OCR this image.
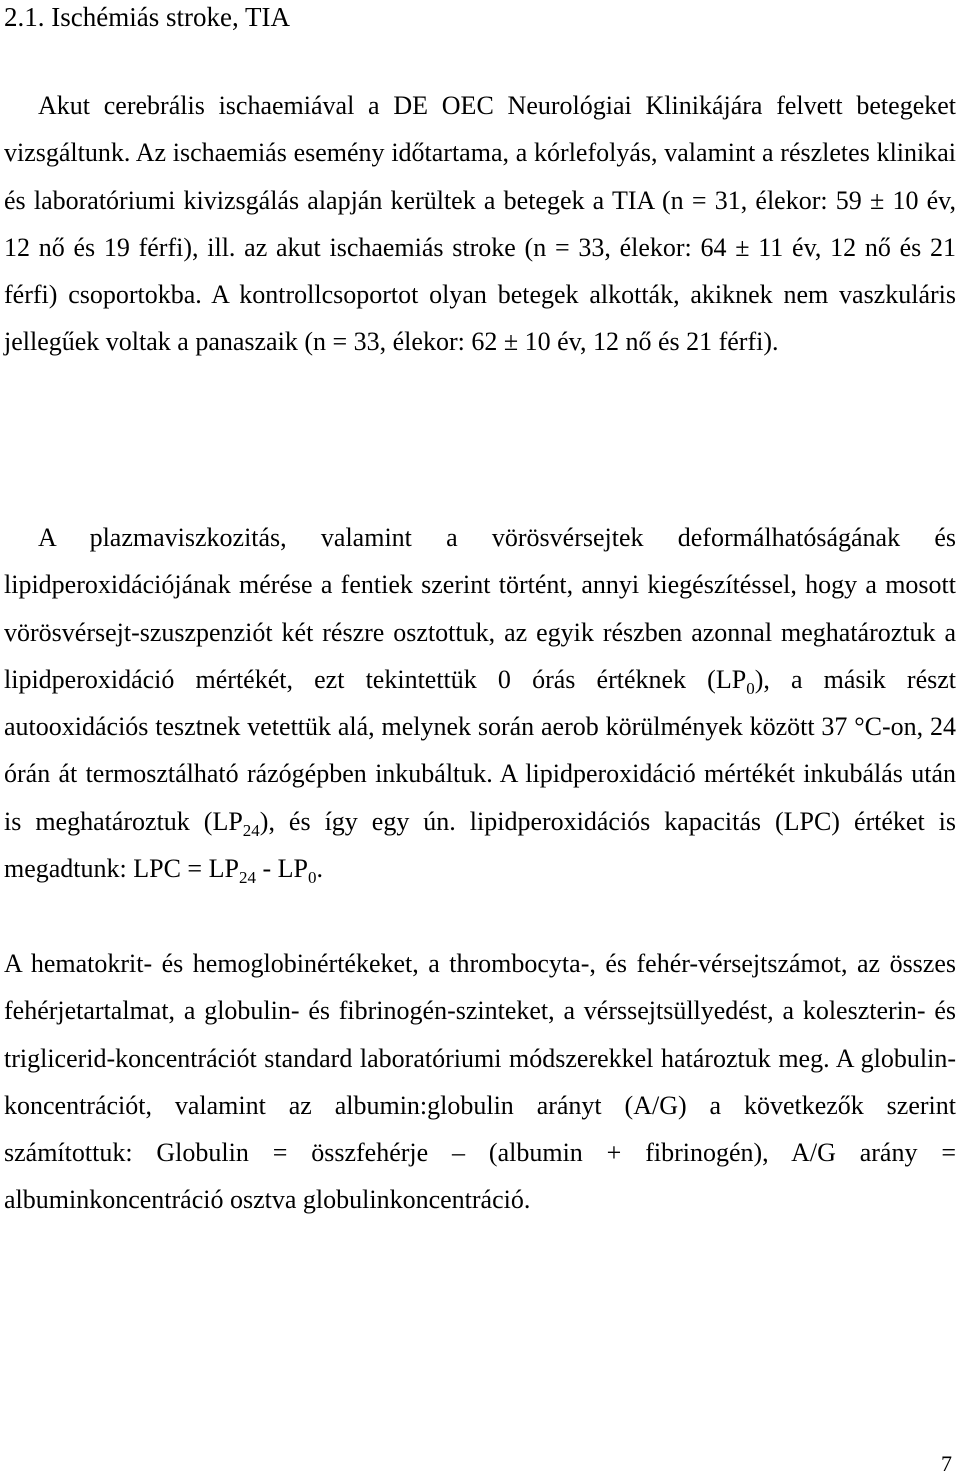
2.1. Ischémiás stroke, TIA
Akut cerebrális ischaemiával a DE OEC Neurológiai Klinikájára felvett betegeket vizsgáltunk. Az ischaemiás esemény időtartama, a kórlefolyás, valamint a részletes klinikai és laboratóriumi kivizsgálás alapján kerültek a betegek a TIA (n = 31, élekor: 59 ± 10 év, 12 nő és 19 férfi), ill. az akut ischaemiás stroke (n = 33, élekor: 64 ± 11 év, 12 nő és 21 férfi) csoportokba. A kontrollcsoportot olyan betegek alkották, akiknek nem vaszkuláris jellegűek voltak a panaszaik (n = 33, élekor: 62 ± 10 év, 12 nő és 21 férfi).
A plazmaviszkozitás, valamint a vörösvérsejtek deformálhatóságának és lipidperoxidációjának mérése a fentiek szerint történt, annyi kiegészítéssel, hogy a mosott vörösvérsejt-szuszpenziót két részre osztottuk, az egyik részben azonnal meghatároztuk a lipidperoxidáció mértékét, ezt tekintettük 0 órás értéknek $(LP_0)$, a másik részt autooxidációs tesztnek vetettük alá, melynek során aerob körülmények között 37 °C-on, 24 órán át termosztálható rázógépben inkubáltuk. A lipidperoxidáció mértékét inkubálás után is meghatároztuk $(LP_{24})$, és így egy ún. lipidperoxidációs kapacitás (LPC) értéket is megadtunk: LPC = $LP_{24} - LP_0$.
A hematokrit- és hemoglobinértékeket, a thrombocyta-, és fehér-vérsejtszámot, az összes fehérjetartalmat, a globulin- és fibrinogén-szinteket, a vérssejtsüllyedést, a koleszterin- és triglicerid-koncentrációt standard laboratóriumi módszerekkel határoztuk meg. A globulin-koncentrációt, valamint az albumin:globulin arányt (A/G) a következők szerint számítottuk: Globulin = összfehérje – (albumin + fibrinogén), A/G arány = albuminkoncentráció osztva globulinkoncentráció.
7
